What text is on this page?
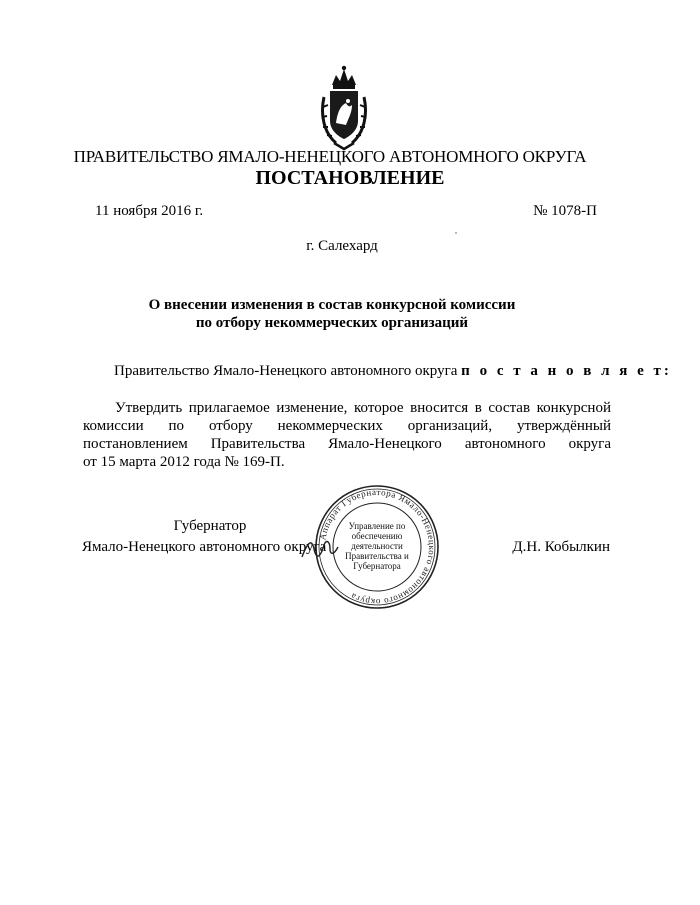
ПРАВИТЕЛЬСТВО ЯМАЛО-НЕНЕЦКОГО АВТОНОМНОГО ОКРУГА
ПОСТАНОВЛЕНИЕ
11 ноября 2016 г.	№ 1078-П
г. Салехард
О внесении изменения в состав конкурсной комиссии
по отбору некоммерческих организаций
Правительство Ямало-Ненецкого автономного округа п о с т а н о в л я е т:
Утвердить прилагаемое изменение, которое вносится в состав конкурсной
комиссии по отбору некоммерческих организаций, утверждённый
постановлением Правительства Ямало-Ненецкого автономного округа
от 15 марта 2012 года № 169-П.
Губернатор
Ямало-Ненецкого автономного округа	Д.Н. Кобылкин
Аппарат Губернатора Ямало-Ненецкого автономного округа
Управление по обеспечению деятельности Правительства и Губернатора
